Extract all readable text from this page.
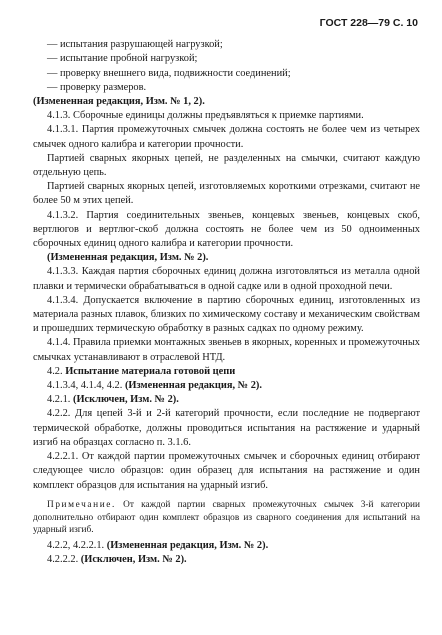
ГОСТ 228—79 С. 10
— испытания разрушающей нагрузкой;
— испытание пробной нагрузкой;
— проверку внешнего вида, подвижности соединений;
— проверку размеров.
(Измененная редакция, Изм. № 1, 2).

4.1.3. Сборочные единицы должны предъявляться к приемке партиями.

4.1.3.1. Партия промежуточных смычек должна состоять не более чем из четырех смычек одного калибра и категории прочности.

Партией сварных якорных цепей, не разделенных на смычки, считают каждую отдельную цепь.

Партией сварных якорных цепей, изготовляемых короткими отрезками, считают не более 50 м этих цепей.

4.1.3.2. Партия соединительных звеньев, концевых звеньев, концевых скоб, вертлюгов и вертлюг-скоб должна состоять не более чем из 50 одноименных сборочных единиц одного калибра и категории прочности.

(Измененная редакция, Изм. № 2).

4.1.3.3. Каждая партия сборочных единиц должна изготовляться из металла одной плавки и термически обрабатываться в одной садке или в одной проходной печи.

4.1.3.4. Допускается включение в партию сборочных единиц, изготовленных из материала разных плавок, близких по химическому составу и механическим свойствам и прошедших термическую обработку в разных садках по одному режиму.

4.1.4. Правила приемки монтажных звеньев в якорных, коренных и промежуточных смычках устанавливают в отраслевой НТД.

4.2. Испытание материала готовой цепи

4.1.3.4, 4.1.4, 4.2. (Измененная редакция, № 2).

4.2.1. (Исключен, Изм. № 2).

4.2.2. Для цепей 3-й и 2-й категорий прочности, если последние не подвергают термической обработке, должны проводиться испытания на растяжение и ударный изгиб на образцах согласно п. 3.1.6.

4.2.2.1. От каждой партии промежуточных смычек и сборочных единиц отбирают следующее число образцов: один образец для испытания на растяжение и один комплект образцов для испытания на ударный изгиб.

Примечание. От каждой партии сварных промежуточных смычек 3-й категории дополнительно отбирают один комплект образцов из сварного соединения для испытаний на ударный изгиб.

4.2.2, 4.2.2.1. (Измененная редакция, Изм. № 2).

4.2.2.2. (Исключен, Изм. № 2).
